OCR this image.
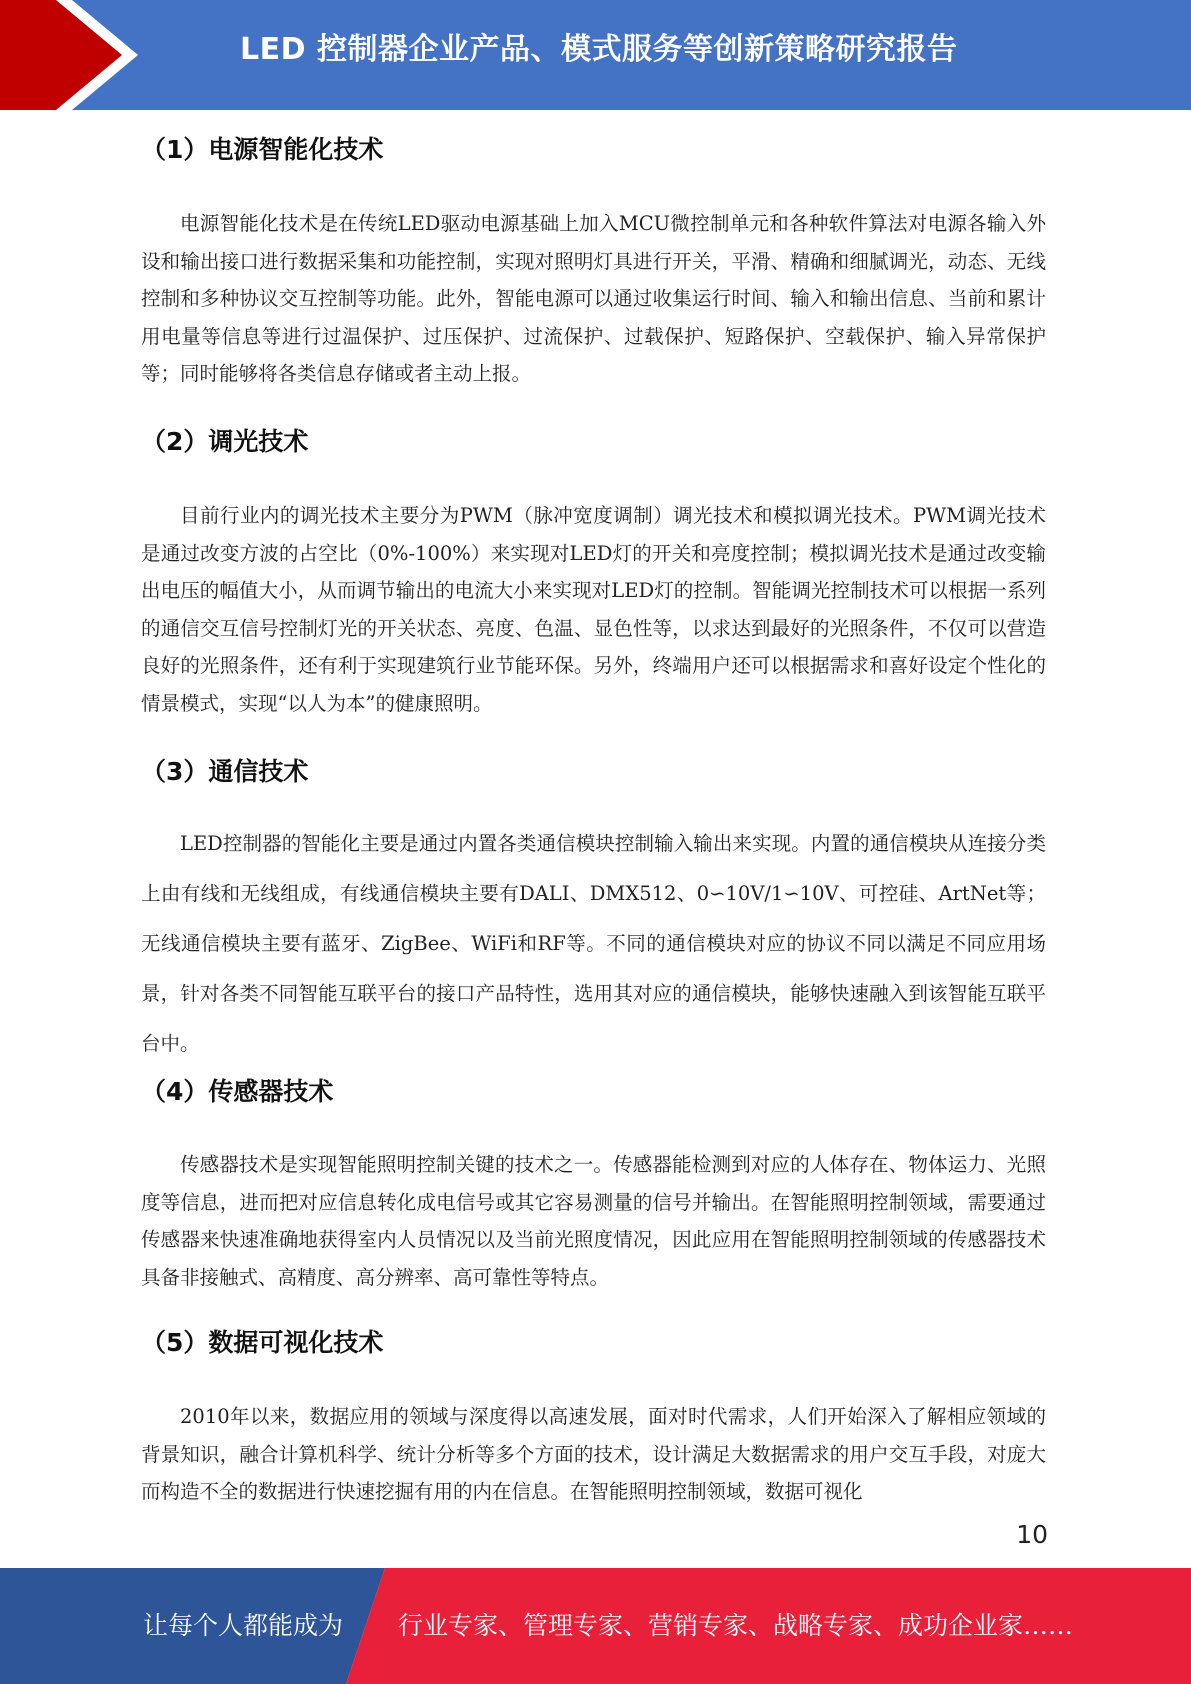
LED 控制器企业产品、模式服务等创新策略研究报告
（1）电源智能化技术

电源智能化技术是在传统LED驱动电源基础上加入MCU微控制单元和各种软件算法对电源各输入外设和输出接口进行数据采集和功能控制，实现对照明灯具进行开关，平滑、精确和细腻调光，动态、无线控制和多种协议交互控制等功能。此外，智能电源可以通过收集运行时间、输入和输出信息、当前和累计用电量等信息等进行过温保护、过压保护、过流保护、过载保护、短路保护、空载保护、输入异常保护等；同时能够将各类信息存储或者主动上报。

（2）调光技术

目前行业内的调光技术主要分为PWM（脉冲宽度调制）调光技术和模拟调光技术。PWM调光技术是通过改变方波的占空比（0%-100%）来实现对LED灯的开关和亮度控制；模拟调光技术是通过改变输出电压的幅值大小，从而调节输出的电流大小来实现对LED灯的控制。智能调光控制技术可以根据一系列的通信交互信号控制灯光的开关状态、亮度、色温、显色性等，以求达到最好的光照条件，不仅可以营造良好的光照条件，还有利于实现建筑行业节能环保。另外，终端用户还可以根据需求和喜好设定个性化的情景模式，实现“以人为本”的健康照明。

（3）通信技术

LED控制器的智能化主要是通过内置各类通信模块控制输入输出来实现。内置的通信模块从连接分类上由有线和无线组成，有线通信模块主要有DALI、DMX512、0∽10V/1∽10V、可控硅、ArtNet等；无线通信模块主要有蓝牙、ZigBee、WiFi和RF等。不同的通信模块对应的协议不同以满足不同应用场景，针对各类不同智能互联平台的接口产品特性，选用其对应的通信模块，能够快速融入到该智能互联平台中。

（4）传感器技术

传感器技术是实现智能照明控制关键的技术之一。传感器能检测到对应的人体存在、物体运力、光照度等信息，进而把对应信息转化成电信号或其它容易测量的信号并输出。在智能照明控制领域，需要通过传感器来快速准确地获得室内人员情况以及当前光照度情况，因此应用在智能照明控制领域的传感器技术具备非接触式、高精度、高分辨率、高可靠性等特点。

（5）数据可视化技术

2010年以来，数据应用的领域与深度得以高速发展，面对时代需求，人们开始深入了解相应领域的背景知识，融合计算机科学、统计分析等多个方面的技术，设计满足大数据需求的用户交互手段，对庞大而构造不全的数据进行快速挖掘有用的内在信息。在智能照明控制领域，数据可视化

10
让每个人都能成为 行业专家、管理专家、营销专家、战略专家、成功企业家……
